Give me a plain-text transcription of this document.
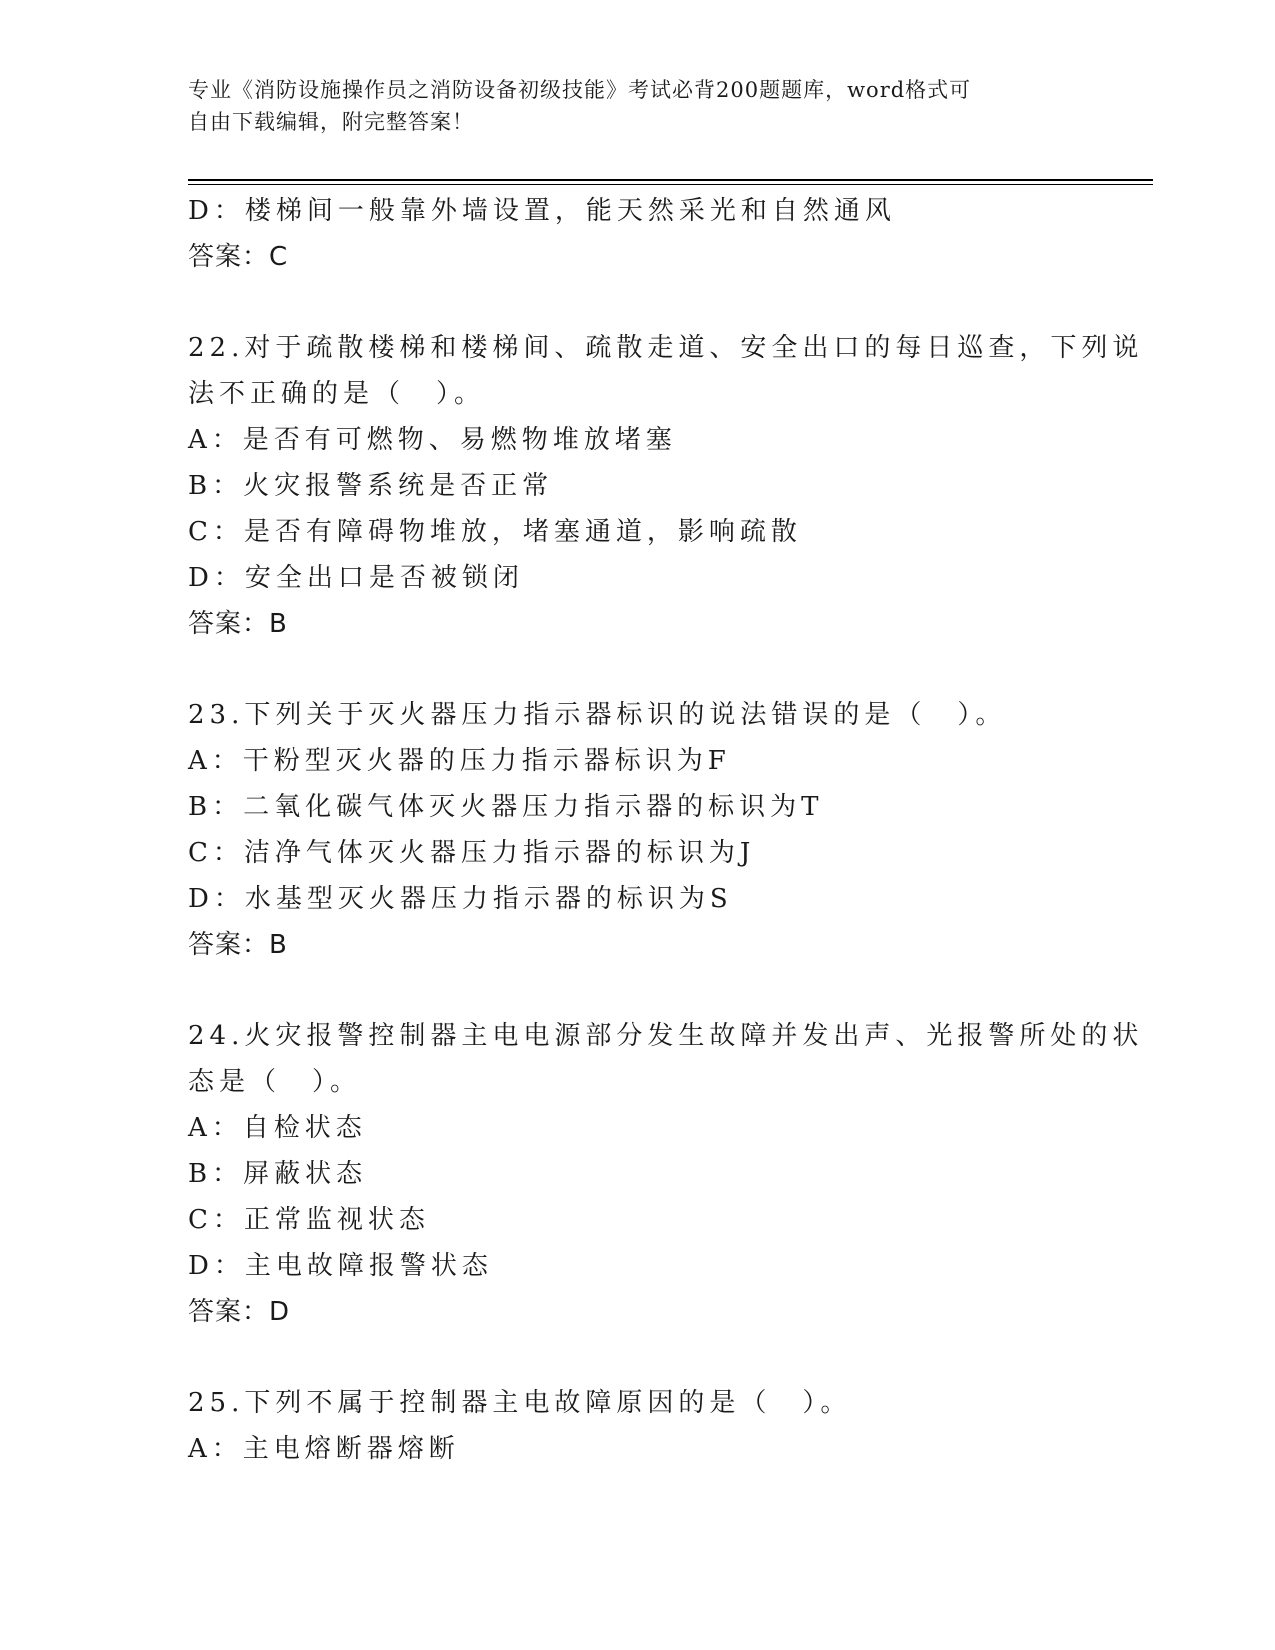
专业《消防设施操作员之消防设备初级技能》考试必背200题题库，word格式可
自由下载编辑，附完整答案！
D：楼梯间一般靠外墙设置，能天然采光和自然通风
答案：C
22.对于疏散楼梯和楼梯间、疏散走道、安全出口的每日巡查，下列说
法不正确的是（　）。
A：是否有可燃物、易燃物堆放堵塞
B：火灾报警系统是否正常
C：是否有障碍物堆放，堵塞通道，影响疏散
D：安全出口是否被锁闭
答案：B
23.下列关于灭火器压力指示器标识的说法错误的是（　）。
A：干粉型灭火器的压力指示器标识为F
B：二氧化碳气体灭火器压力指示器的标识为T
C：洁净气体灭火器压力指示器的标识为J
D：水基型灭火器压力指示器的标识为S
答案：B
24.火灾报警控制器主电电源部分发生故障并发出声、光报警所处的状
态是（　）。
A：自检状态
B：屏蔽状态
C：正常监视状态
D：主电故障报警状态
答案：D
25.下列不属于控制器主电故障原因的是（　）。
A：主电熔断器熔断
